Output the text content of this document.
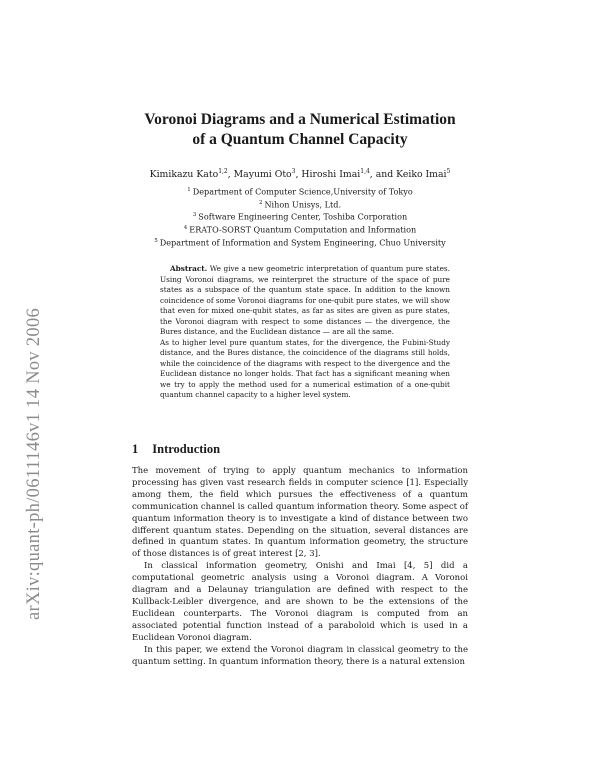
arXiv:quant-ph/0611146v1 14 Nov 2006
Voronoi Diagrams and a Numerical Estimation
of a Quantum Channel Capacity
Kimikazu Kato$^{1,2}$, Mayumi Oto$^3$, Hiroshi Imai$^{1,4}$, and Keiko Imai$^5$
$^1$ Department of Computer Science,University of Tokyo
$^2$ Nihon Unisys, Ltd.
$^3$ Software Engineering Center, Toshiba Corporation
$^4$ ERATO-SORST Quantum Computation and Information
$^5$ Department of Information and System Engineering, Chuo University

Abstract. We give a new geometric interpretation of quantum pure states. Using Voronoi diagrams, we reinterpret the structure of the space of pure states as a subspace of the quantum state space. In addition to the known coincidence of some Voronoi diagrams for one-qubit pure states, we will show that even for mixed one-qubit states, as far as sites are given as pure states, the Voronoi diagram with respect to some distances — the divergence, the Bures distance, and the Euclidean distance — are all the same.

As to higher level pure quantum states, for the divergence, the Fubini-Study distance, and the Bures distance, the coincidence of the diagrams still holds, while the coincidence of the diagrams with respect to the divergence and the Euclidean distance no longer holds. That fact has a significant meaning when we try to apply the method used for a numerical estimation of a one-qubit quantum channel capacity to a higher level system.

1 Introduction

The movement of trying to apply quantum mechanics to information processing has given vast research fields in computer science [1]. Especially among them, the field which pursues the effectiveness of a quantum communication channel is called quantum information theory. Some aspect of quantum information theory is to investigate a kind of distance between two different quantum states. Depending on the situation, several distances are defined in quantum states. In quantum information geometry, the structure of those distances is of great interest [2, 3].

In classical information geometry, Onishi and Imai [4, 5] did a computational geometric analysis using a Voronoi diagram. A Voronoi diagram and a Delaunay triangulation are defined with respect to the Kullback-Leibler divergence, and are shown to be the extensions of the Euclidean counterparts. The Voronoi diagram is computed from an associated potential function instead of a paraboloid which is used in a Euclidean Voronoi diagram.

In this paper, we extend the Voronoi diagram in classical geometry to the quantum setting. In quantum information theory, there is a natural extension
